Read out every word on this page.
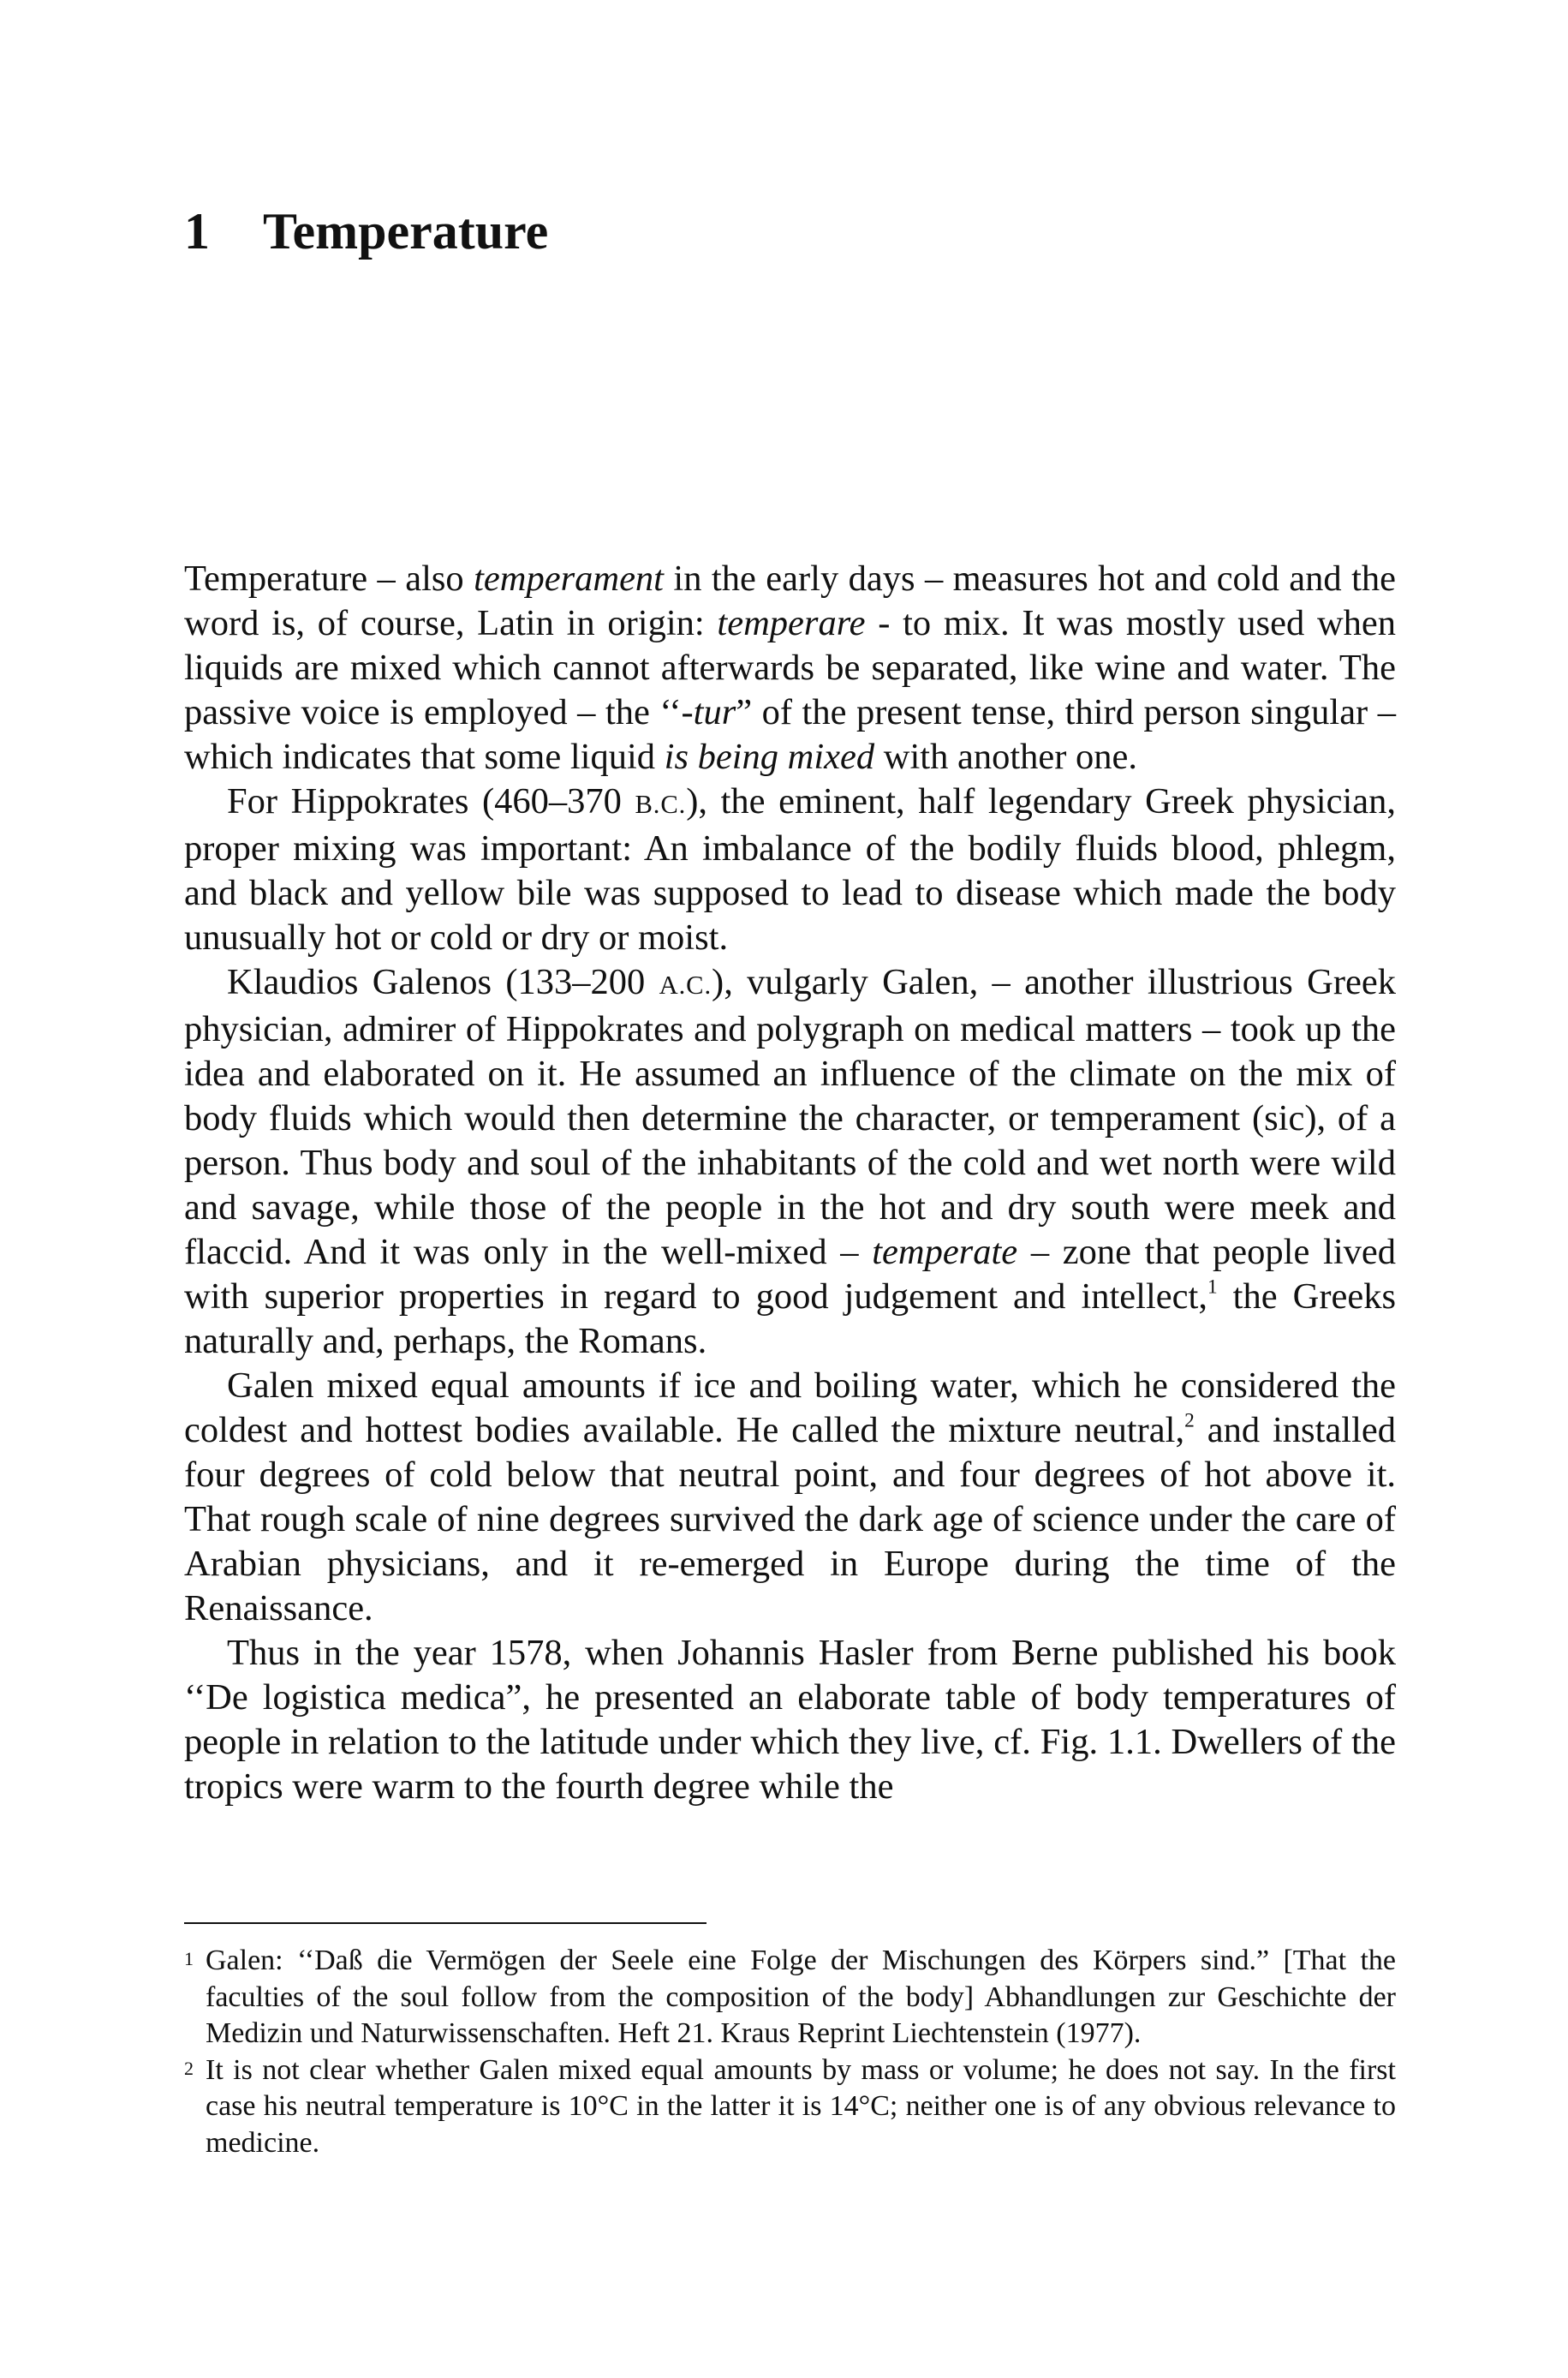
1 Temperature

Temperature – also temperament in the early days – measures hot and cold and the word is, of course, Latin in origin: temperare - to mix. It was mostly used when liquids are mixed which cannot afterwards be separated, like wine and water. The passive voice is employed – the ‘‘-tur” of the present tense, third person singular – which indicates that some liquid is being mixed with another one.

For Hippokrates (460–370 B.C.), the eminent, half legendary Greek physician, proper mixing was important: An imbalance of the bodily fluids blood, phlegm, and black and yellow bile was supposed to lead to disease which made the body unusually hot or cold or dry or moist.

Klaudios Galenos (133–200 A.C.), vulgarly Galen, – another illustrious Greek physician, admirer of Hippokrates and polygraph on medical matters – took up the idea and elaborated on it. He assumed an influence of the climate on the mix of body fluids which would then determine the character, or temperament (sic), of a person. Thus body and soul of the inhabitants of the cold and wet north were wild and savage, while those of the people in the hot and dry south were meek and flaccid. And it was only in the well-mixed – temperate – zone that people lived with superior properties in regard to good judgement and intellect,$^1$ the Greeks naturally and, perhaps, the Romans.

Galen mixed equal amounts if ice and boiling water, which he considered the coldest and hottest bodies available. He called the mixture neutral,$^2$ and installed four degrees of cold below that neutral point, and four degrees of hot above it. That rough scale of nine degrees survived the dark age of science under the care of Arabian physicians, and it re-emerged in Europe during the time of the Renaissance.

Thus in the year 1578, when Johannis Hasler from Berne published his book ‘‘De logistica medica”, he presented an elaborate table of body temperatures of people in relation to the latitude under which they live, cf. Fig. 1.1. Dwellers of the tropics were warm to the fourth degree while the

1 Galen: ‘‘Daß die Vermögen der Seele eine Folge der Mischungen des Körpers sind.” [That the faculties of the soul follow from the composition of the body] Abhandlungen zur Geschichte der Medizin und Naturwissenschaften. Heft 21. Kraus Reprint Liechtenstein (1977).

2 It is not clear whether Galen mixed equal amounts by mass or volume; he does not say. In the first case his neutral temperature is 10°C in the latter it is 14°C; neither one is of any obvious relevance to medicine.
